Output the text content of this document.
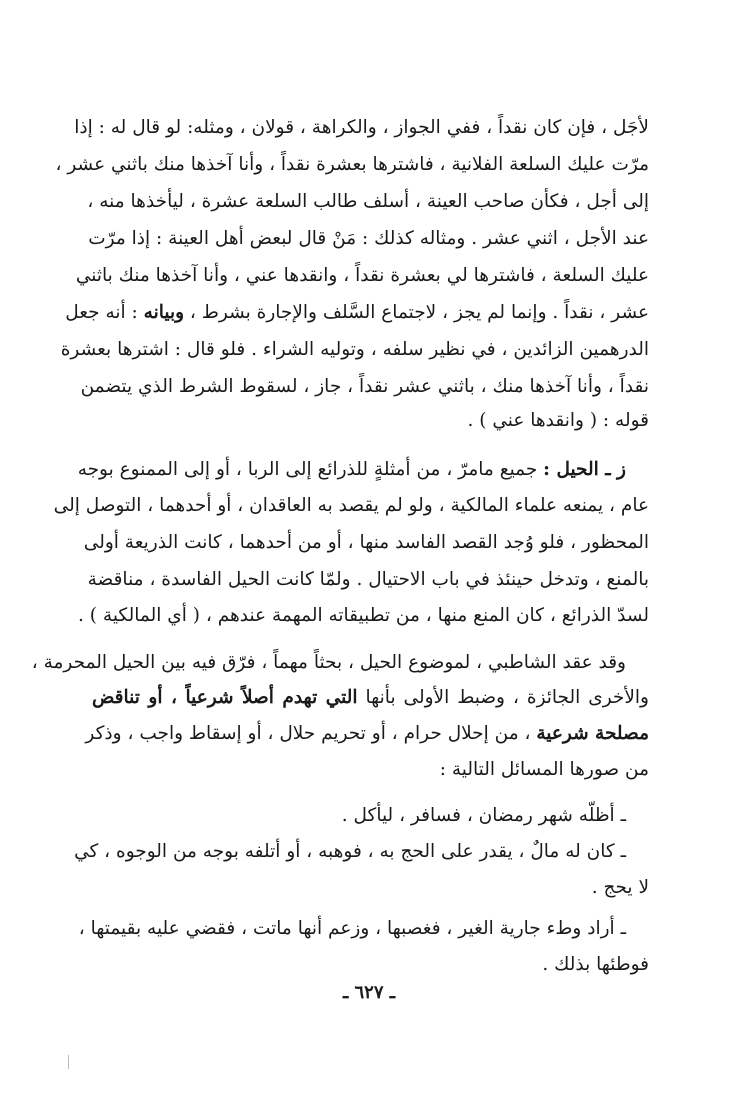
لأجَل ، فإن كان نقداً ، ففي الجواز ، والكراهة ، قولان ، ومثله: لو قال له : إذا
مرّت عليك السلعة الفلانية ، فاشترها بعشرة نقداً ، وأنا آخذها منك باثني عشر ،
إلى أجل ، فكأن صاحب العينة ، أسلف طالب السلعة عشرة ، ليأخذها منه ،
عند الأجل ، اثني عشر . ومثاله كذلك : مَنْ قال لبعض أهل العينة : إذا مرّت
عليك السلعة ، فاشترها لي بعشرة نقداً ، وانقدها عني ، وأنا آخذها منك باثني
عشر ، نقداً . وإنما لم يجز ، لاجتماع السَّلف والإجارة بشرط ، وبيانه : أنه جعل
الدرهمين الزائدين ، في نظير سلفه ، وتوليه الشراء . فلو قال : اشترها بعشرة
نقداً ، وأنا آخذها منك ، باثني عشر نقداً ، جاز ، لسقوط الشرط الذي يتضمن
قوله : ( وانقدها عني ) .
ز ـ الحيل : جميع مامرّ ، من أمثلةٍ للذرائع إلى الربا ، أو إلى الممنوع بوجه
عام ، يمنعه علماء المالكية ، ولو لم يقصد به العاقدان ، أو أحدهما ، التوصل إلى
المحظور ، فلو وُجد القصد الفاسد منها ، أو من أحدهما ، كانت الذريعة أولى
بالمنع ، وتدخل حينئذ في باب الاحتيال . ولمّا كانت الحيل الفاسدة ، مناقضة
لسدّ الذرائع ، كان المنع منها ، من تطبيقاته المهمة عندهم ، ( أي المالكية ) .
وقد عقد الشاطبي ، لموضوع الحيل ، بحثاً مهماً ، فرّق فيه بين الحيل المحرمة ،
والأخرى الجائزة ، وضبط الأولى بأنها التي تهدم أصلاً شرعياً ، أو تناقض
مصلحة شرعية ، من إحلال حرام ، أو تحريم حلال ، أو إسقاط واجب ، وذكر
من صورها المسائل التالية :
ـ أظلّه شهر رمضان ، فسافر ، ليأكل .
ـ كان له مالٌ ، يقدر على الحج به ، فوهبه ، أو أتلفه بوجه من الوجوه ، كي
لا يحج .
ـ أراد وطء جارية الغير ، فغصبها ، وزعم أنها ماتت ، فقضي عليه بقيمتها ،
فوطئها بذلك .
ـ ٦٢٧ ـ
